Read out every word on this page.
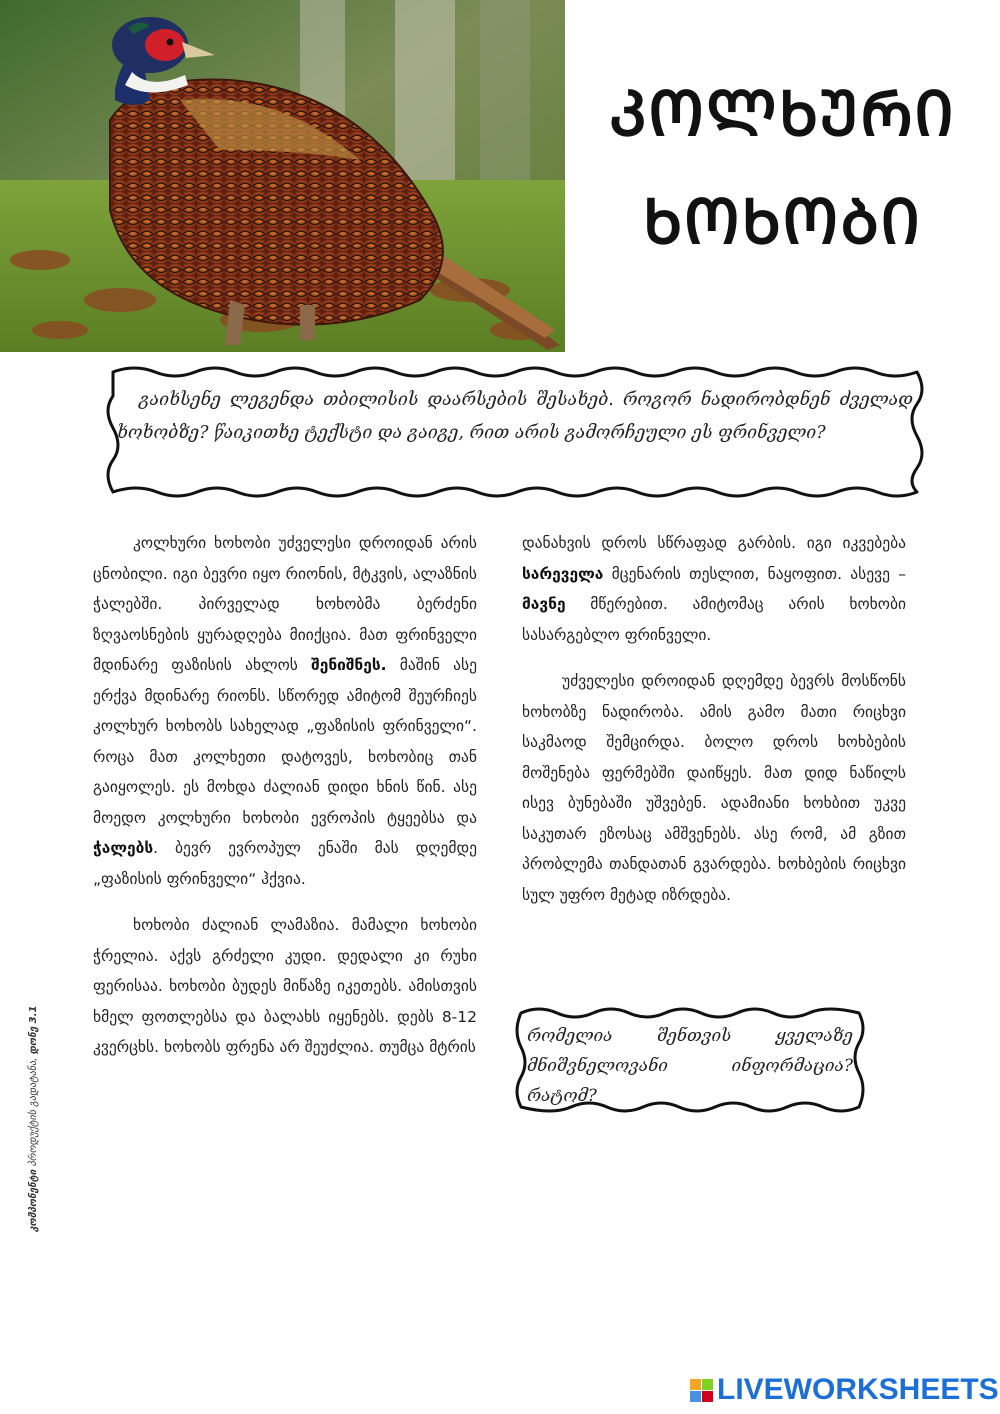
ᲙᲝᲚᲮᲣᲠᲘ
ᲮᲝᲮᲝᲑᲘ
გაიხსენე ლეგენდა თბილისის დაარსების შესახებ. როგორ ნადირობდნენ ძველად ხოხობზე? წაიკითხე ტექსტი და გაიგე, რით არის გამორჩეული ეს ფრინველი?

კოლხური ხოხობი უძველესი დროიდან არის ცნობილი. იგი ბევრი იყო რიონის, მტკვის, ალაზნის ჭალებში. პირველად ხოხობმა ბერძენი ზღვაოსნების ყურადღება მიიქცია. მათ ფრინველი მდინარე ფაზისის ახლოს შენიშნეს. მაშინ ასე ერქვა მდინარე რიონს. სწორედ ამიტომ შეურჩიეს კოლხურ ხოხობს სახელად „ფაზისის ფრინველი“. როცა მათ კოლხეთი დატოვეს, ხოხობიც თან გაიყოლეს. ეს მოხდა ძალიან დიდი ხნის წინ. ასე მოედო კოლხური ხოხობი ევროპის ტყეებსა და ჭალებს. ბევრ ევროპულ ენაში მას დღემდე „ფაზისის ფრინველი“ ჰქვია.

ხოხობი ძალიან ლამაზია. მამალი ხოხობი ჭრელია. აქვს გრძელი კუდი. დედალი კი რუხი ფერისაა. ხოხობი ბუდეს მიწაზე იკეთებს. ამისთვის ხმელ ფოთლებსა და ბალახს იყენებს. დებს 8-12 კვერცხს. ხოხობს ფრენა არ შეუძლია. თუმცა მტრის

დანახვის დროს სწრაფად გარბის. იგი იკვებება სარეველა მცენარის თესლით, ნაყოფით. ასევე – მავნე მწერებით. ამიტომაც არის ხოხობი სასარგებლო ფრინველი.

უძველესი დროიდან დღემდე ბევრს მოსწონს ხოხობზე ნადირობა. ამის გამო მათი რიცხვი საკმაოდ შემცირდა. ბოლო დროს ხოხბების მოშენება ფერმებში დაიწყეს. მათ დიდ ნაწილს ისევ ბუნებაში უშვებენ. ადამიანი ხოხბით უკვე საკუთარ ეზოსაც ამშვენებს. ასე რომ, ამ გზით პრობლემა თანდათან გვარდება. ხოხბების რიცხვი სულ უფრო მეტად იზრდება.

რომელია შენთვის ყველაზე მნიშვნელოვანი ინფორმაცია? რატომ?
კომპონენტი პროდუქტის გადატანა, დონე 3.1
LIVEWORKSHEETS
